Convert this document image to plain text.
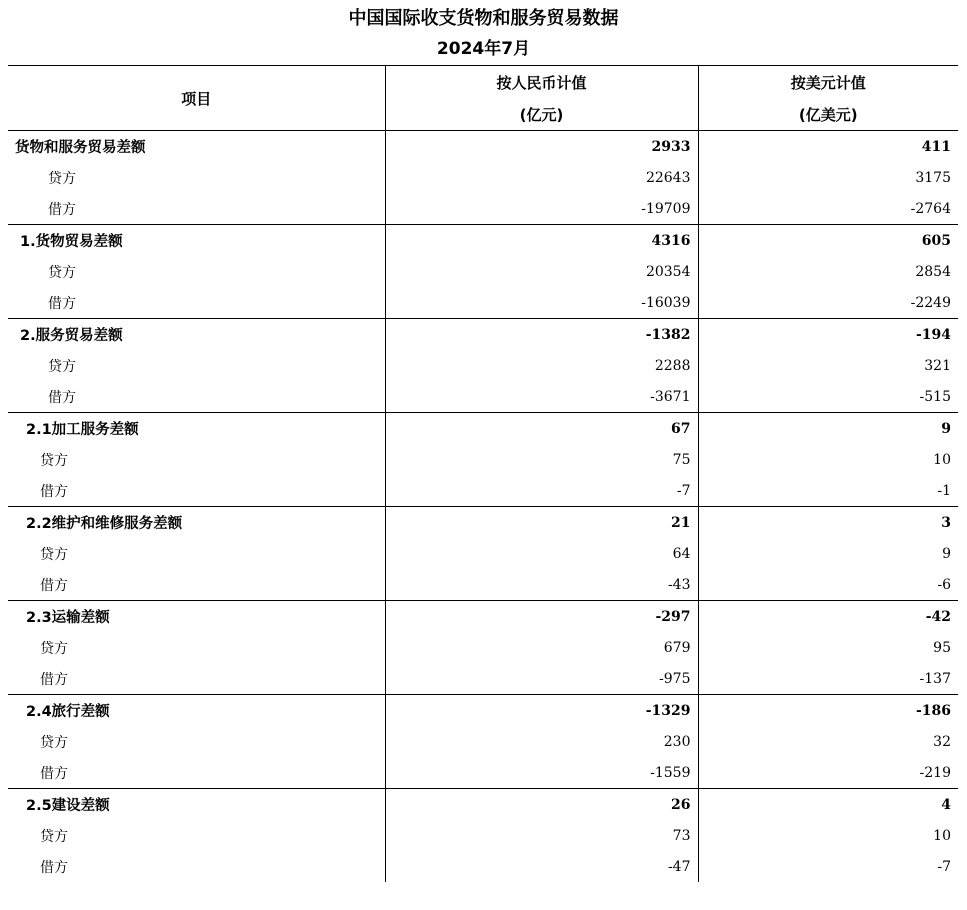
中国国际收支货物和服务贸易数据
2024年7月
项目	按人民币计值	按美元计值
	(亿元)	(亿美元)
货物和服务贸易差额	2933	411
贷方	22643	3175
借方	-19709	-2764
1.货物贸易差额	4316	605
贷方	20354	2854
借方	-16039	-2249
2.服务贸易差额	-1382	-194
贷方	2288	321
借方	-3671	-515
2.1加工服务差额	67	9
贷方	75	10
借方	-7	-1
2.2维护和维修服务差额	21	3
贷方	64	9
借方	-43	-6
2.3运输差额	-297	-42
贷方	679	95
借方	-975	-137
2.4旅行差额	-1329	-186
贷方	230	32
借方	-1559	-219
2.5建设差额	26	4
贷方	73	10
借方	-47	-7
